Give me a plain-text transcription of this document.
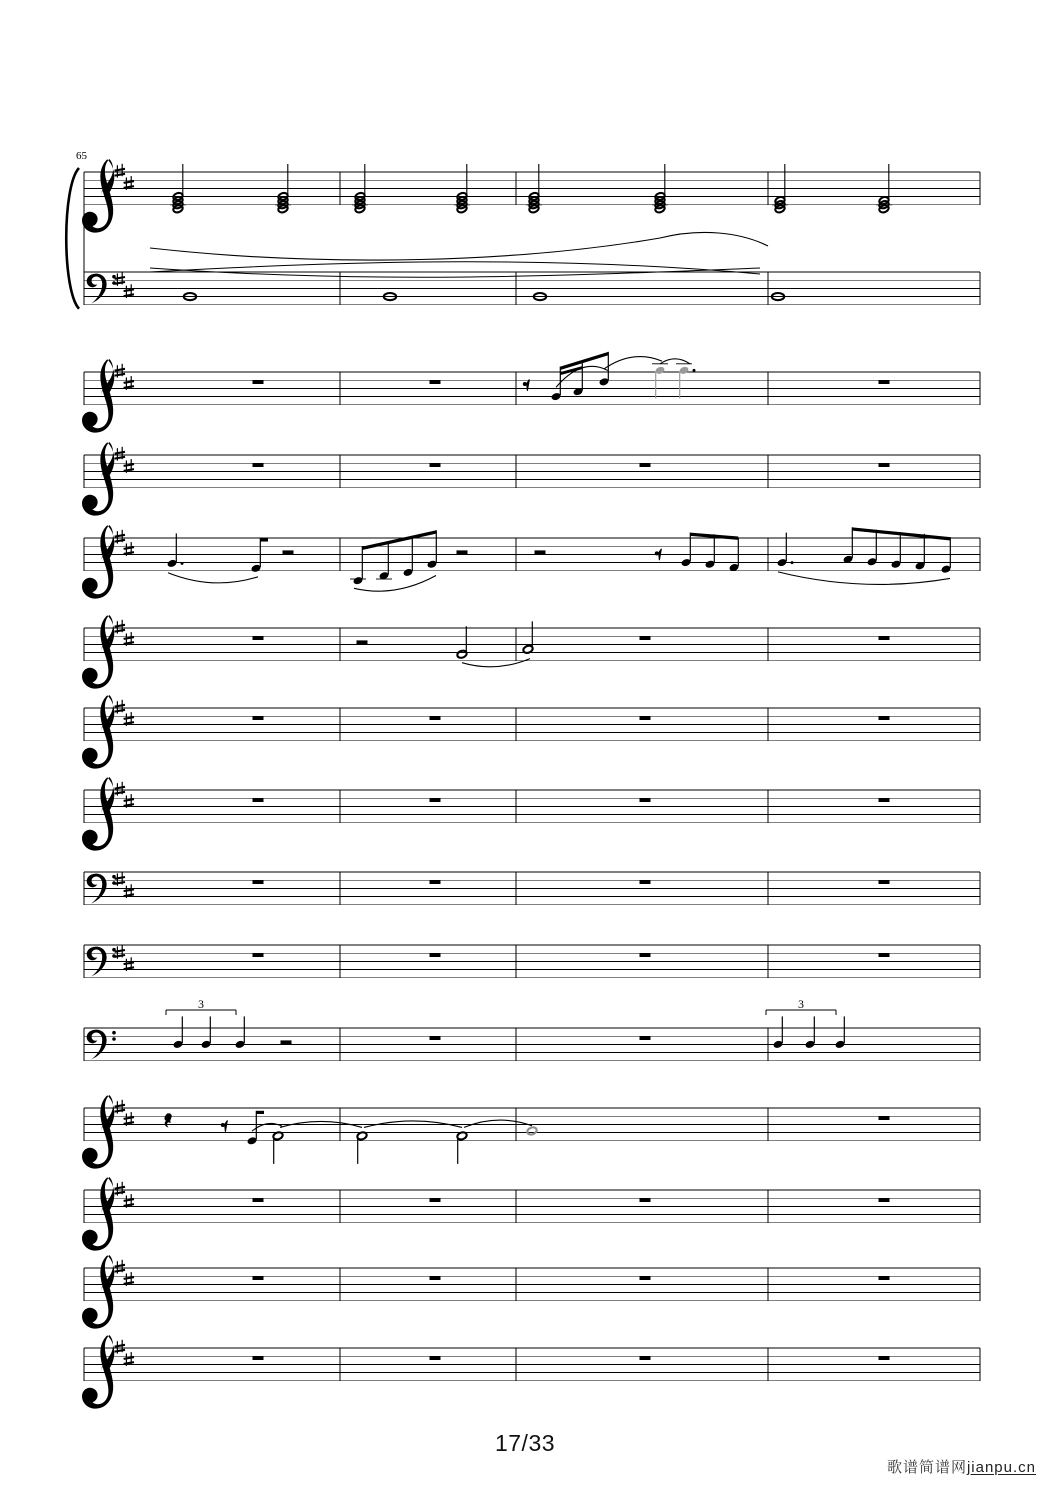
3	3
65
17/33
歌谱简谱网jianpu.cn
